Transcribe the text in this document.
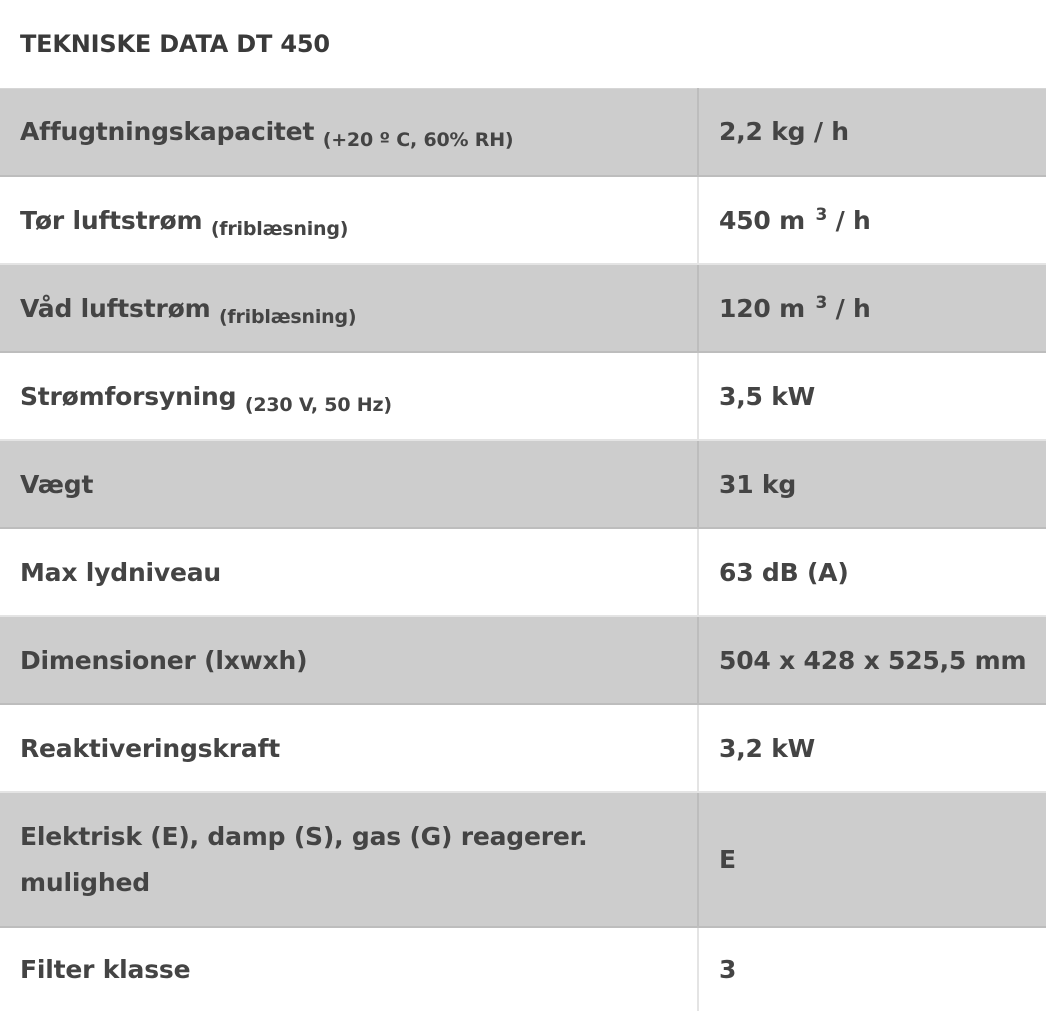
TEKNISKE DATA DT 450	
Affugtningskapacitet $_{(+20 º C, 60\% RH)}$	2,2 kg / h
Tør luftstrøm $_{(friblæsning)}$	450 m $^3$ / h
Våd luftstrøm $_{(friblæsning)}$	120 m $^3$ / h
Strømforsyning $_{(230 V, 50 Hz)}$	3,5 kW
Vægt	31 kg
Max lydniveau	63 dB (A)
Dimensioner (lxwxh)	504 x 428 x 525,5 mm
Reaktiveringskraft	3,2 kW
Elektrisk (E), damp (S), gas (G) reagerer. mulighed	E
Filter klasse	3
